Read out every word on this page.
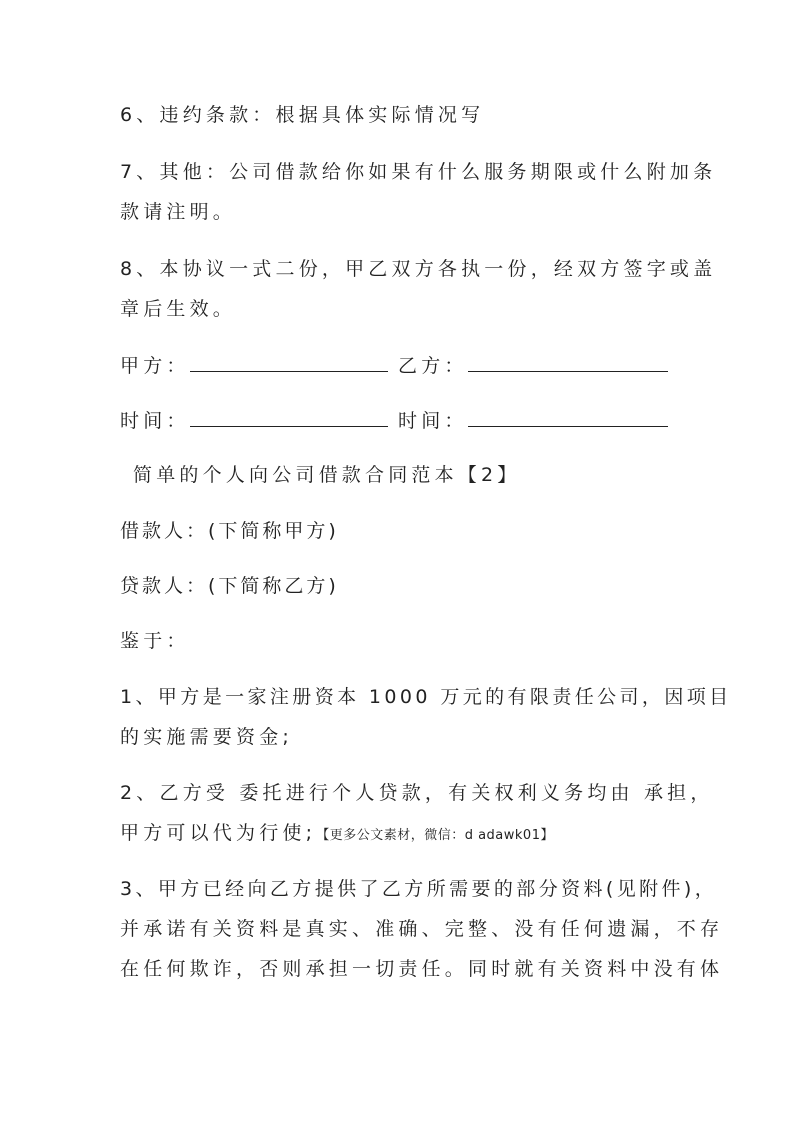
6、违约条款：根据具体实际情况写
7、其他：公司借款给你如果有什么服务期限或什么附加条
款请注明。
8、本协议一式二份，甲乙双方各执一份，经双方签字或盖
章后生效。
甲方：	乙方：
时间：	时间：
简单的个人向公司借款合同范本【2】
借款人：(下简称甲方)
贷款人：(下简称乙方)
鉴于：
1、甲方是一家注册资本 1000 万元的有限责任公司，因项目
的实施需要资金;
2、乙方受 委托进行个人贷款，有关权利义务均由 承担，
甲方可以代为行使;【更多公文素材，微信：d adawk01】
3、甲方已经向乙方提供了乙方所需要的部分资料(见附件)，
并承诺有关资料是真实、准确、完整、没有任何遗漏，不存
在任何欺诈，否则承担一切责任。同时就有关资料中没有体
